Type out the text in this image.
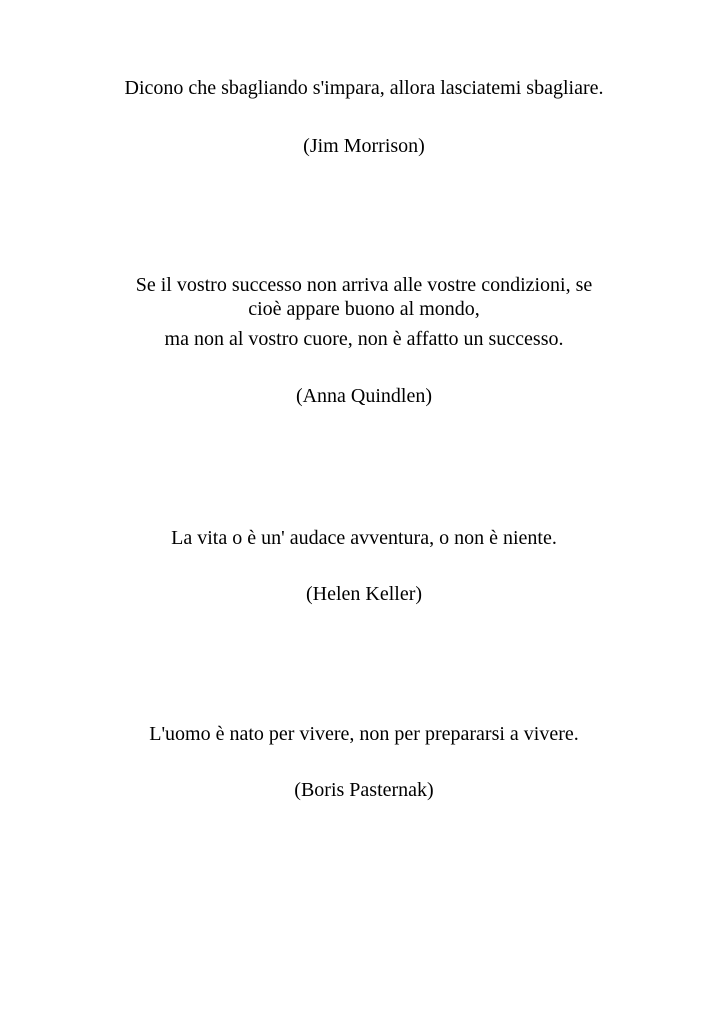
Dicono che sbagliando s'impara, allora lasciatemi sbagliare.
(Jim Morrison)
Se il vostro successo non arriva alle vostre condizioni, se
cioè appare buono al mondo,
ma non al vostro cuore, non è affatto un successo.
(Anna Quindlen)
La vita o è un' audace avventura, o non è niente.
(Helen Keller)
L'uomo è nato per vivere, non per prepararsi a vivere.
(Boris Pasternak)
